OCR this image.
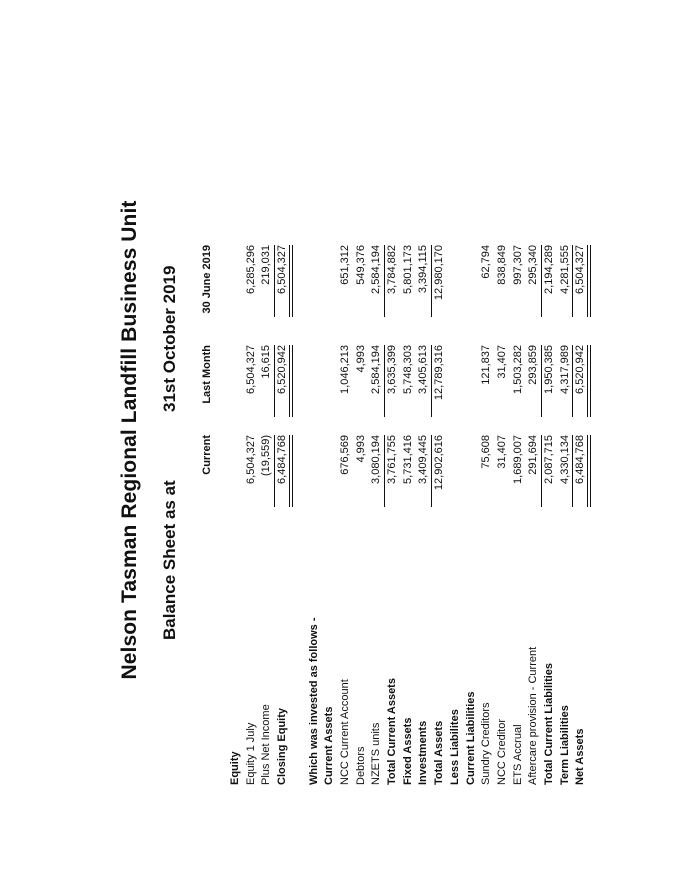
Nelson Tasman Regional Landfill Business Unit Balance Sheet as at
31st October 2019
Current
Last Month
30 June 2019
Equity Equity 1 July
6,504,327
6,504,327
6,285,296
Plus Net Income
(19,559)
16,615
219,031
Closing Equity
6,484,768
6,520,942
6,504,327
Which was invested as follows - Current Assets NCC Current Account
676,569
1,046,213
651,312
Debtors
4,993
4,993
549,376
NZETS units
3,080,194
2,584,194
2,584,194
Total Current Assets
3,761,755
3,635,399
3,784,882
Fixed Assets
5,731,416
5,748,303
5,801,173
Investments
3,409,445
3,405,613
3,394,115
Total Assets
12,902,616
12,789,316
12,980,170
Less Liabilites Current Liabilities Sundry Creditors
75,608
121,837
62,794
NCC Creditor
31,407
31,407
838,849
ETS Accrual
1,689,007
1,503,282
997,307
Aftercare provision - Current
291,694
293,859
295,340
Total Current Liabilities
2,087,715
1,950,385
2,194,289
Term Liabilities
4,330,134
4,317,989
4,281,555
Net Assets
6,484,768
6,520,942
6,504,327
